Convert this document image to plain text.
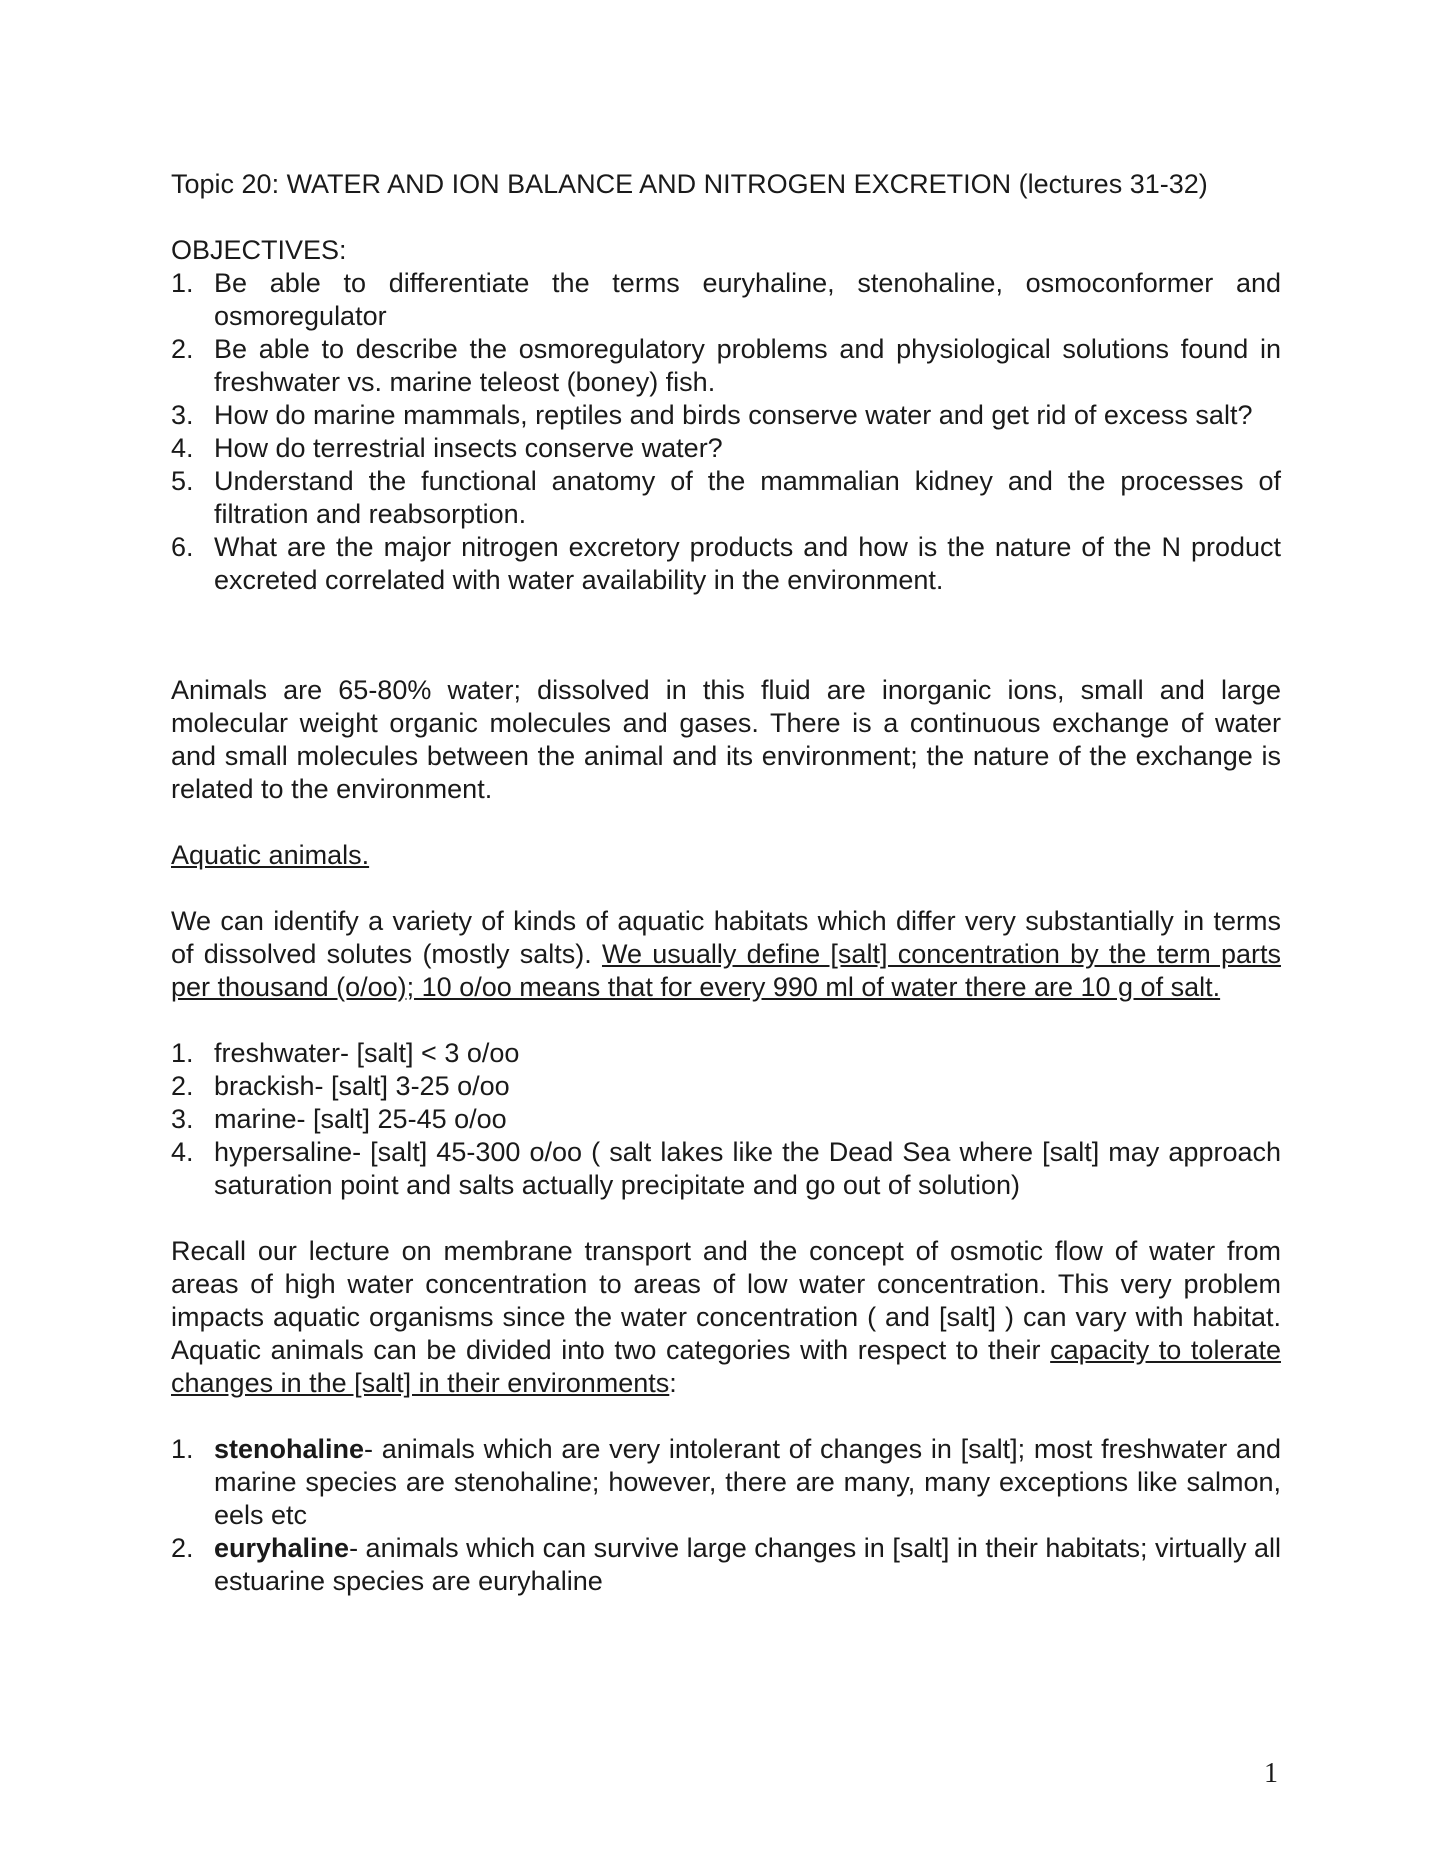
Topic 20: WATER AND ION BALANCE AND NITROGEN EXCRETION (lectures 31-32)

OBJECTIVES:

1. Be able to differentiate the terms euryhaline, stenohaline, osmoconformer and osmoregulator
2. Be able to describe the osmoregulatory problems and physiological solutions found in freshwater vs. marine teleost (boney) fish.
3. How do marine mammals, reptiles and birds conserve water and get rid of excess salt?
4. How do terrestrial insects conserve water?
5. Understand the functional anatomy of the mammalian kidney and the processes of filtration and reabsorption.
6. What are the major nitrogen excretory products and how is the nature of the N product excreted correlated with water availability in the environment.

Animals are 65-80% water; dissolved in this fluid are inorganic ions, small and large molecular weight organic molecules and gases. There is a continuous exchange of water and small molecules between the animal and its environment; the nature of the exchange is related to the environment.

Aquatic animals.

We can identify a variety of kinds of aquatic habitats which differ very substantially in terms of dissolved solutes (mostly salts). We usually define [salt] concentration by the term parts per thousand (o/oo); 10 o/oo means that for every 990 ml of water there are 10 g of salt.

1. freshwater- [salt] < 3 o/oo
2. brackish- [salt] 3-25 o/oo
3. marine- [salt] 25-45 o/oo
4. hypersaline- [salt] 45-300 o/oo ( salt lakes like the Dead Sea where [salt] may approach saturation point and salts actually precipitate and go out of solution)

Recall our lecture on membrane transport and the concept of osmotic flow of water from areas of high water concentration to areas of low water concentration. This very problem impacts aquatic organisms since the water concentration ( and [salt] ) can vary with habitat. Aquatic animals can be divided into two categories with respect to their capacity to tolerate changes in the [salt] in their environments:

1. stenohaline- animals which are very intolerant of changes in [salt]; most freshwater and marine species are stenohaline; however, there are many, many exceptions like salmon, eels etc
2. euryhaline- animals which can survive large changes in [salt] in their habitats; virtually all estuarine species are euryhaline
1
